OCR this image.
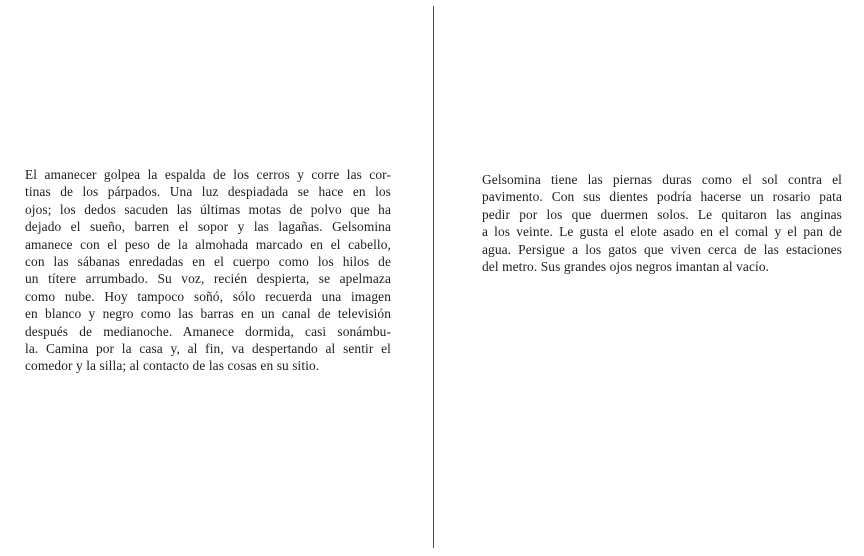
El amanecer golpea la espalda de los cerros y corre las cor-
tinas de los párpados. Una luz despiadada se hace en los
ojos; los dedos sacuden las últimas motas de polvo que ha
dejado el sueño, barren el sopor y las lagañas. Gelsomina
amanece con el peso de la almohada marcado en el cabello,
con las sábanas enredadas en el cuerpo como los hilos de
un títere arrumbado. Su voz, recién despierta, se apelmaza
como nube. Hoy tampoco soñó, sólo recuerda una imagen
en blanco y negro como las barras en un canal de televisión
después de medianoche. Amanece dormida, casi sonámbu-
la. Camina por la casa y, al fin, va despertando al sentir el
comedor y la silla; al contacto de las cosas en su sitio.
Gelsomina tiene las piernas duras como el sol contra el
pavimento. Con sus dientes podría hacerse un rosario pata
pedir por los que duermen solos. Le quitaron las anginas
a los veinte. Le gusta el elote asado en el comal y el pan de
agua. Persigue a los gatos que viven cerca de las estaciones
del metro. Sus grandes ojos negros imantan al vacío.
